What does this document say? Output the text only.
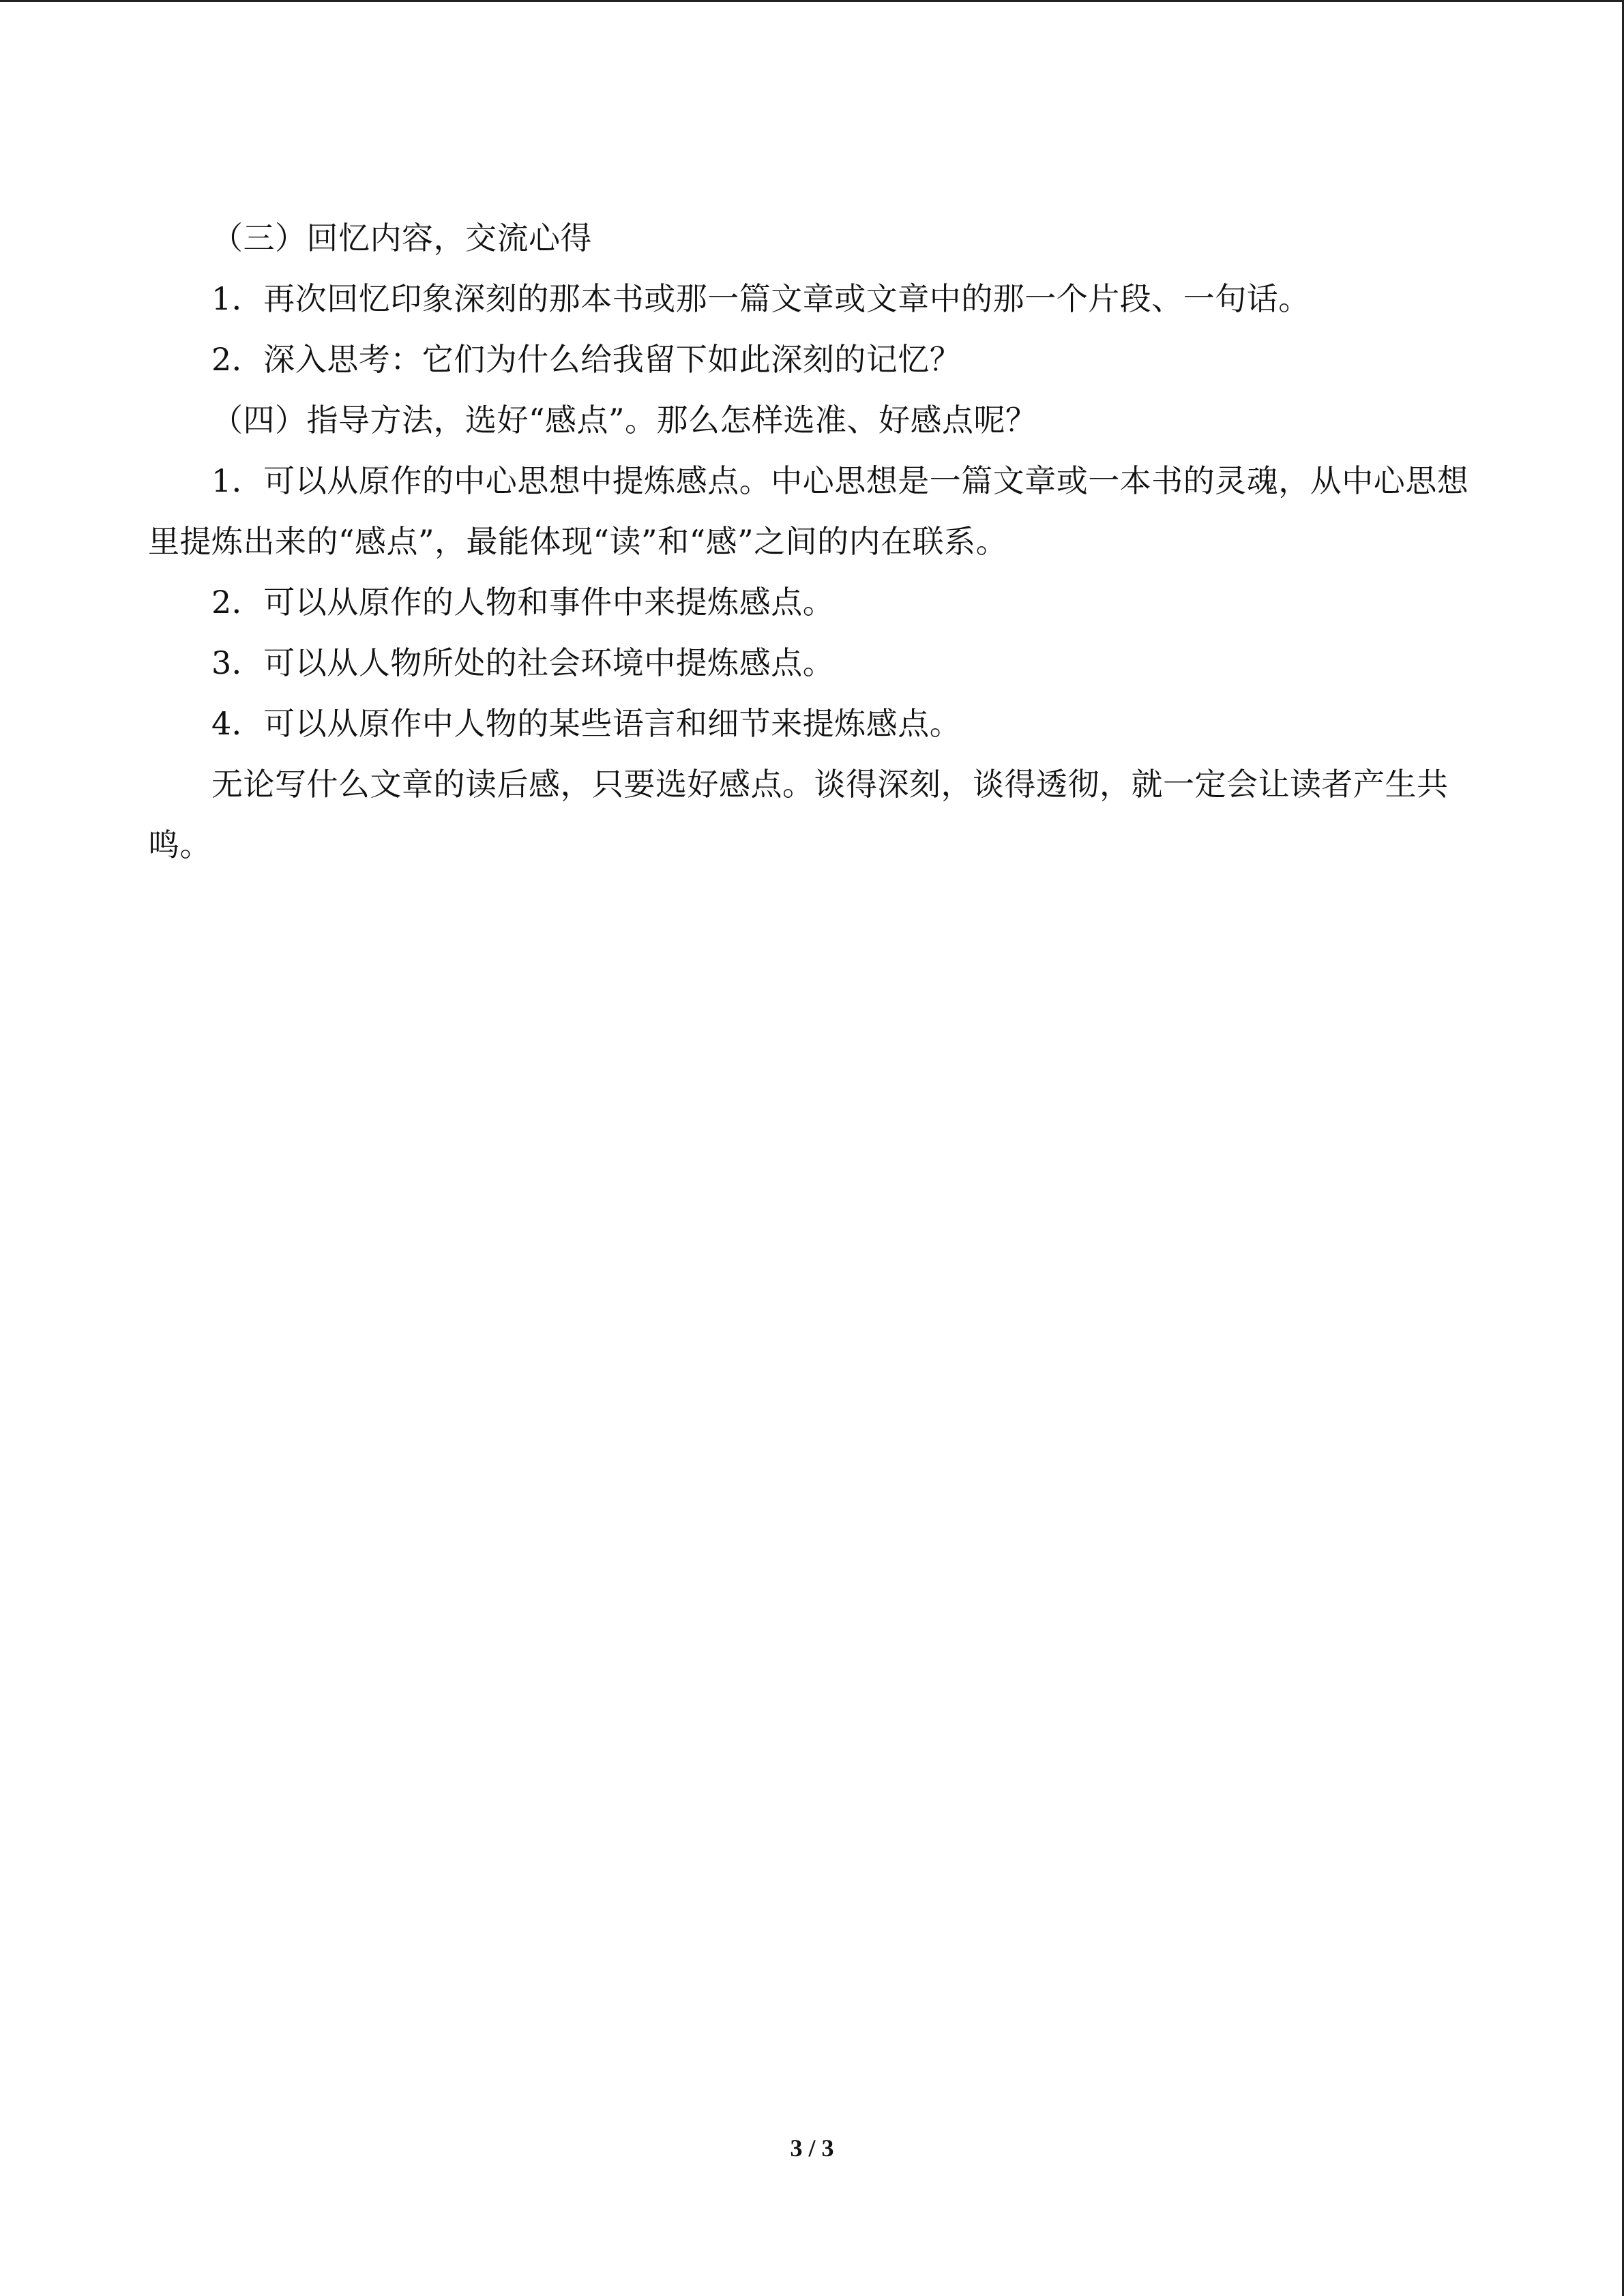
（三）回忆内容，交流心得

1．再次回忆印象深刻的那本书或那一篇文章或文章中的那一个片段、一句话。

2．深入思考：它们为什么给我留下如此深刻的记忆？

（四）指导方法，选好“感点”。那么怎样选准、好感点呢？

1．可以从原作的中心思想中提炼感点。中心思想是一篇文章或一本书的灵魂，从中心思想里提炼出来的“感点”，最能体现“读”和“感”之间的内在联系。

2．可以从原作的人物和事件中来提炼感点。

3．可以从人物所处的社会环境中提炼感点。

4．可以从原作中人物的某些语言和细节来提炼感点。

无论写什么文章的读后感，只要选好感点。谈得深刻，谈得透彻，就一定会让读者产生共鸣。

3 / 3
